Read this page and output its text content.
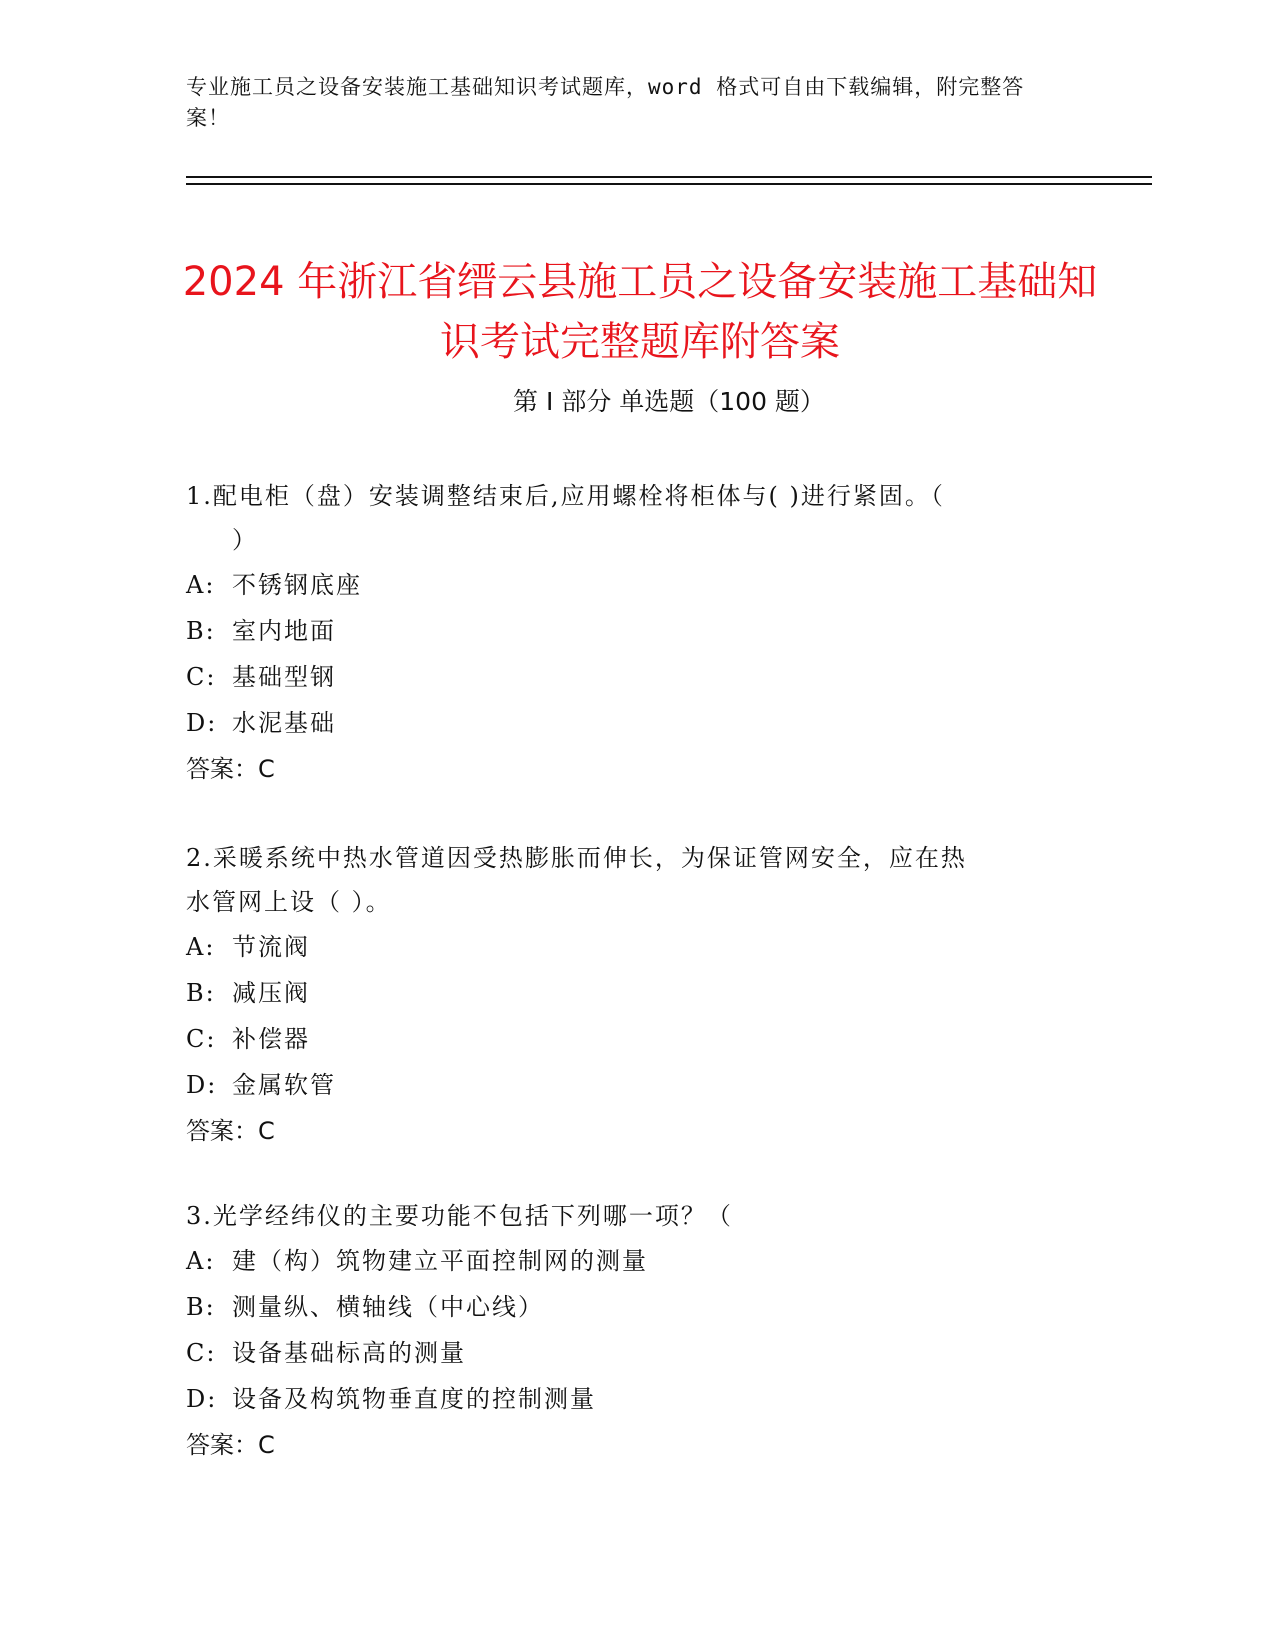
专业施工员之设备安装施工基础知识考试题库，word 格式可自由下载编辑，附完整答案！
2024 年浙江省缙云县施工员之设备安装施工基础知识考试完整题库附答案
第 I 部分 单选题（100 题）

1.配电柜（盘）安装调整结束后,应用螺栓将柜体与( )进行紧固。（
）

A: 不锈钢底座

B: 室内地面

C: 基础型钢

D: 水泥基础

答案：C

2.采暖系统中热水管道因受热膨胀而伸长，为保证管网安全，应在热
水管网上设（ ）。

A: 节流阀

B: 减压阀

C: 补偿器

D: 金属软管

答案：C

3.光学经纬仪的主要功能不包括下列哪一项？（

A: 建（构）筑物建立平面控制网的测量

B: 测量纵、横轴线（中心线）

C: 设备基础标高的测量

D: 设备及构筑物垂直度的控制测量

答案：C
